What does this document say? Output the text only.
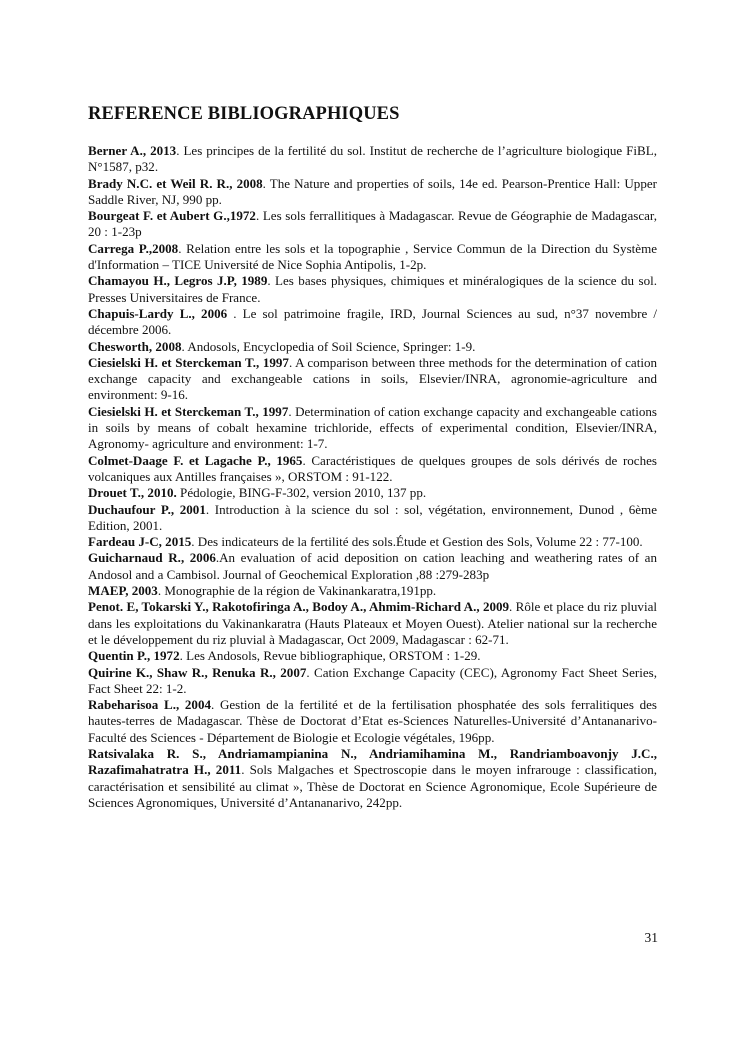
REFERENCE BIBLIOGRAPHIQUES

Berner A., 2013. Les principes de la fertilité du sol. Institut de recherche de l’agriculture biologique FiBL, N°1587, p32.

Brady N.C. et Weil R. R., 2008. The Nature and properties of soils, 14e ed. Pearson-Prentice Hall: Upper Saddle River, NJ, 990 pp.

Bourgeat F. et Aubert G.,1972. Les sols ferrallitiques à Madagascar. Revue de Géographie de Madagascar, 20 : 1-23p

Carrega P.,2008. Relation entre les sols et la topographie , Service Commun de la Direction du Système d'Information – TICE Université de Nice Sophia Antipolis, 1-2p.

Chamayou H., Legros J.P, 1989. Les bases physiques, chimiques et minéralogiques de la science du sol. Presses Universitaires de France.

Chapuis-Lardy L., 2006 . Le sol patrimoine fragile, IRD, Journal Sciences au sud, n°37 novembre / décembre 2006.

Chesworth, 2008. Andosols, Encyclopedia of Soil Science, Springer: 1-9.

Ciesielski H. et Sterckeman T., 1997. A comparison between three methods for the determination of cation exchange capacity and exchangeable cations in soils, Elsevier/INRA, agronomie-agriculture and environment: 9-16.

Ciesielski H. et Sterckeman T., 1997. Determination of cation exchange capacity and exchangeable cations in soils by means of cobalt hexamine trichloride, effects of experimental condition, Elsevier/INRA, Agronomy- agriculture and environment: 1-7.

Colmet-Daage F. et Lagache P., 1965. Caractéristiques de quelques groupes de sols dérivés de roches volcaniques aux Antilles françaises », ORSTOM : 91-122.

Drouet T., 2010. Pédologie, BING-F-302, version 2010, 137 pp.

Duchaufour P., 2001. Introduction à la science du sol : sol, végétation, environnement, Dunod , 6ème Edition, 2001.

Fardeau J-C, 2015. Des indicateurs de la fertilité des sols.Étude et Gestion des Sols, Volume 22 : 77-100.

Guicharnaud R., 2006.An evaluation of acid deposition on cation leaching and weathering rates of an Andosol and a Cambisol. Journal of Geochemical Exploration ,88 :279-283p

MAEP, 2003. Monographie de la région de Vakinankaratra,191pp.

Penot. E, Tokarski Y., Rakotofiringa A., Bodoy A., Ahmim-Richard A., 2009. Rôle et place du riz pluvial dans les exploitations du Vakinankaratra (Hauts Plateaux et Moyen Ouest). Atelier national sur la recherche et le développement du riz pluvial à Madagascar, Oct 2009, Madagascar : 62-71.

Quentin P., 1972. Les Andosols, Revue bibliographique, ORSTOM : 1-29.

Quirine K., Shaw R., Renuka R., 2007. Cation Exchange Capacity (CEC), Agronomy Fact Sheet Series, Fact Sheet 22: 1-2.

Rabeharisoa L., 2004. Gestion de la fertilité et de la fertilisation phosphatée des sols ferralitiques des hautes-terres de Madagascar. Thèse de Doctorat d’Etat es-Sciences Naturelles-Université d’Antananarivo-Faculté des Sciences - Département de Biologie et Ecologie végétales, 196pp.

Ratsivalaka R. S., Andriamampianina N., Andriamihamina M., Randriamboavonjy J.C., Razafimahatratra H., 2011. Sols Malgaches et Spectroscopie dans le moyen infrarouge : classification, caractérisation et sensibilité au climat », Thèse de Doctorat en Science Agronomique, Ecole Supérieure de Sciences Agronomiques, Université d’Antananarivo, 242pp.

31
